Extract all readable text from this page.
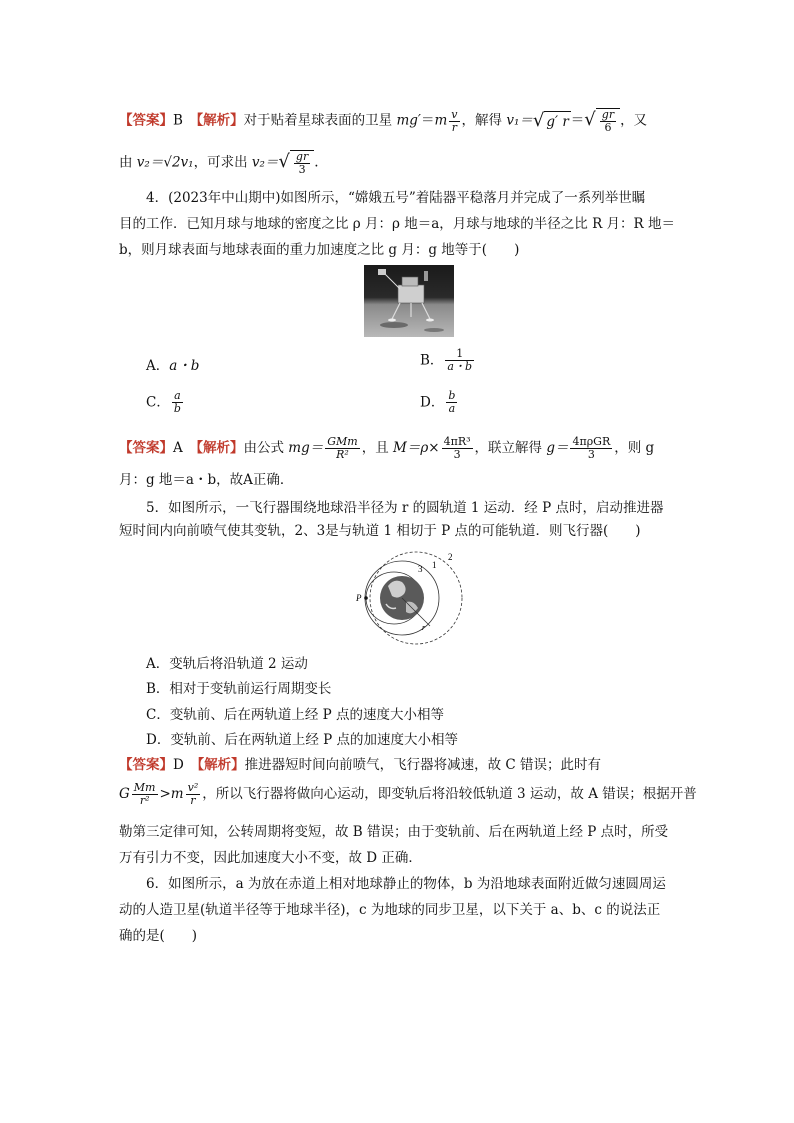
【答案】B　 【解析】对于贴着星球表面的卫星 $mg'=m \frac{v}{r}$ ，解得 v₁＝√ g′ r ＝√ $\frac{gr}{6}$ ，又
由 v₂＝√2v₁，可求出 $v_2=√ \frac{gr}{3}$ .
4．(2023年中山期中)如图所示，“嫦娥五号”着陆器平稳落月并完成了一系列举世瞩
目的工作．已知月球与地球的密度之比 ρ 月：ρ 地＝a，月球与地球的半径之比 R 月：R 地＝
b，则月球表面与地球表面的重力加速度之比 g 月：g 地等于(　　)
A．a・b	B． $\frac{1}{a・b}$
C． $\frac{a}{b}$	D． $\frac{b}{a}$
【答案】A　 【解析】由公式 $mg= \frac{\text{GMm}}{\text{R²}}$ ，且 $M=\rho\times \frac{\text{4πR³}}{3}$ ，联立解得 $g= \frac{\text{4πρGR}}{3}$ ，则 g
月：g 地＝a・b，故A正确．
5．如图所示，一飞行器围绕地球沿半径为 r 的圆轨道 1 运动．经 P 点时，启动推进器
短时间内向前喷气使其变轨，2、3是与轨道 1 相切于 P 点的可能轨道．则飞行器(　　)
2
1
3
P
r
A．变轨后将沿轨道 2 运动
B．相对于变轨前运行周期变长
C．变轨前、后在两轨道上经 P 点的速度大小相等
D．变轨前、后在两轨道上经 P 点的加速度大小相等
【答案】D　 【解析】推进器短时间向前喷气，飞行器将减速，故 C 错误；此时有
G $\frac{Mm}{\text{r²}} >m \frac{\text{v²}}{r}$ ，所以飞行器将做向心运动，即变轨后将沿较低轨道 3 运动，故 A 错误；根据开普
勒第三定律可知，公转周期将变短，故 B 错误；由于变轨前、后在两轨道上经 P 点时，所受
万有引力不变，因此加速度大小不变，故 D 正确．
6．如图所示，a 为放在赤道上相对地球静止的物体，b 为沿地球表面附近做匀速圆周运
动的人造卫星(轨道半径等于地球半径)，c 为地球的同步卫星，以下关于 a、b、c 的说法正
确的是(　　)
